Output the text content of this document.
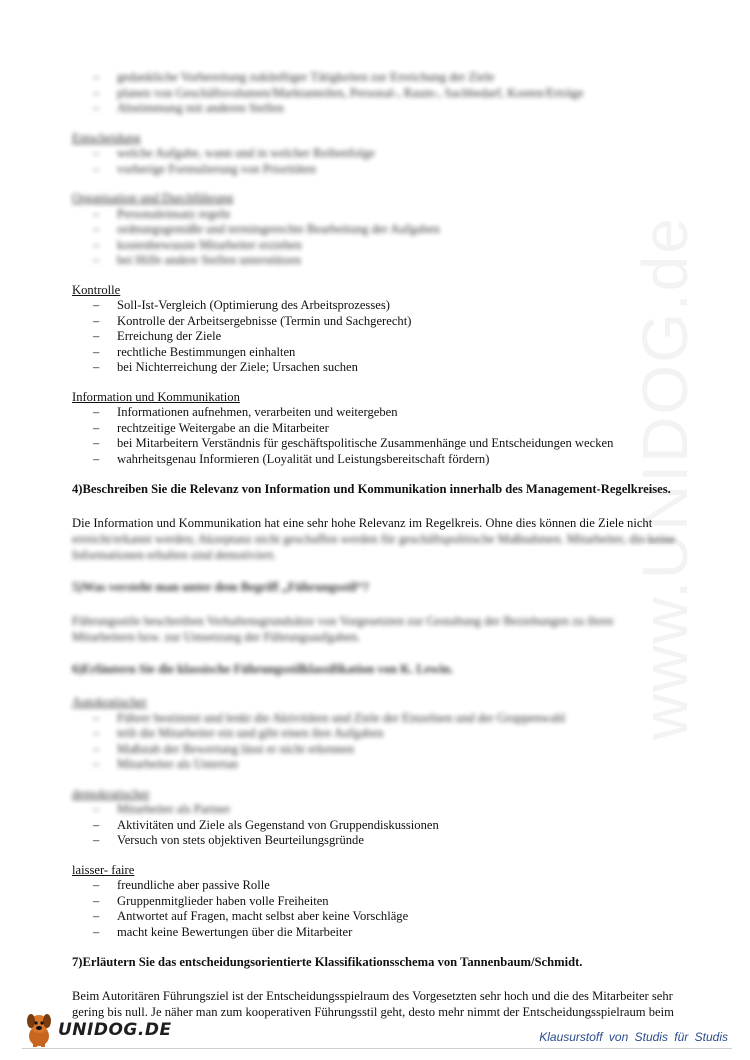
www.UNIDOG.de
– gedankliche Vorbereitung zukünftiger Tätigkeiten zur Erreichung der Ziele
– planen von Geschäftsvolumen/Marktanteilen, Personal-, Raum-, Sachbedarf, Kosten/Erträge
– Abstimmung mit anderen Stellen
Entscheidung
– welche Aufgabe, wann und in welcher Reihenfolge
– vorherige Formulierung von Prioritäten
Organisation und Durchführung
– Personaleinsatz regeln
– ordnungsgemäße und termingerechte Bearbeitung der Aufgaben
– kostenbewusste Mitarbeiter erziehen
– bei Hilfe andere Stellen unterstützen
Kontrolle
– Soll-Ist-Vergleich (Optimierung des Arbeitsprozesses)
– Kontrolle der Arbeitsergebnisse (Termin und Sachgerecht)
– Erreichung der Ziele
– rechtliche Bestimmungen einhalten
– bei Nichterreichung der Ziele; Ursachen suchen
Information und Kommunikation
– Informationen aufnehmen, verarbeiten und weitergeben
– rechtzeitige Weitergabe an die Mitarbeiter
– bei Mitarbeitern Verständnis für geschäftspolitische Zusammenhänge und Entscheidungen wecken
– wahrheitsgenau Informieren (Loyalität und Leistungsbereitschaft fördern)
4)Beschreiben Sie die Relevanz von Information und Kommunikation innerhalb des Management-Regelkreises.
Die Information und Kommunikation hat eine sehr hohe Relevanz im Regelkreis. Ohne dies können die Ziele nicht
erreicht/erkannt werden; Akzeptanz nicht geschaffen werden für geschäftspolitische Maßnahmen. Mitarbeiter, die keine
Informationen erhalten sind demotiviert.
5)Was versteht man unter dem Begriff „Führungsstil“?
Führungsstile beschreiben Verhaltensgrundsätze von Vorgesetzten zur Gestaltung der Beziehungen zu ihren
Mitarbeitern bzw. zur Umsetzung der Führungsaufgaben.
6)Erläutern Sie die klassische Führungsstilklassifikation von K. Lewin.
Autokratischer
– Führer bestimmt und lenkt die Aktivitäten und Ziele der Einzelnen und der Gruppenwahl
– teilt die Mitarbeiter ein und gibt einen ihre Aufgaben
– Maßstab der Bewertung lässt er nicht erkennen
– Mitarbeiter als Untertan
demokratischer
– Mitarbeiter als Partner
– Aktivitäten und Ziele als Gegenstand von Gruppendiskussionen
– Versuch von stets objektiven Beurteilungsgründe
laisser- faire
– freundliche aber passive Rolle
– Gruppenmitglieder haben volle Freiheiten
– Antwortet auf Fragen, macht selbst aber keine Vorschläge
– macht keine Bewertungen über die Mitarbeiter
7)Erläutern Sie das entscheidungsorientierte Klassifikationsschema von Tannenbaum/Schmidt.
Beim Autoritären Führungsziel ist der Entscheidungsspielraum des Vorgesetzten sehr hoch und die des Mitarbeiter sehr
gering bis null. Je näher man zum kooperativen Führungsstil geht, desto mehr nimmt der Entscheidungsspielraum beim
UNIDOG.DE	Klausurstoff von Studis für Studis
